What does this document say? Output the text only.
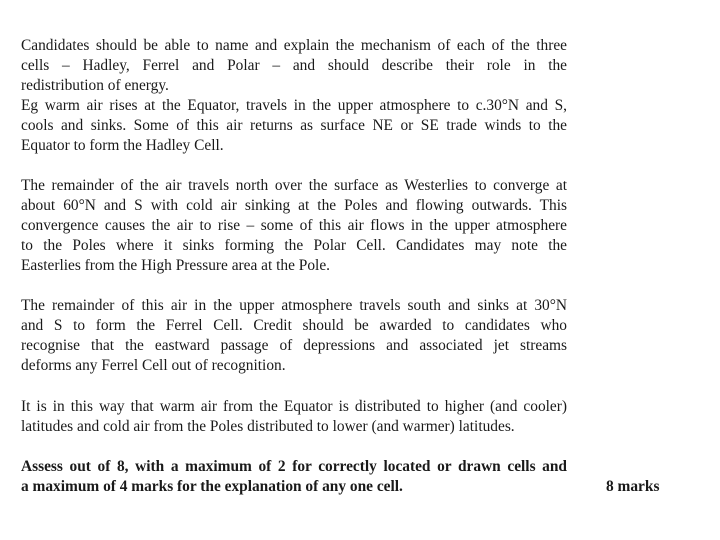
Candidates should be able to name and explain the mechanism of each of the three
cells – Hadley, Ferrel and Polar – and should describe their role in the
redistribution of energy.
Eg warm air rises at the Equator, travels in the upper atmosphere to c.30°N and S,
cools and sinks. Some of this air returns as surface NE or SE trade winds to the
Equator to form the Hadley Cell.
The remainder of the air travels north over the surface as Westerlies to converge at
about 60°N and S with cold air sinking at the Poles and flowing outwards. This
convergence causes the air to rise – some of this air flows in the upper atmosphere
to the Poles where it sinks forming the Polar Cell. Candidates may note the
Easterlies from the High Pressure area at the Pole.
The remainder of this air in the upper atmosphere travels south and sinks at 30°N
and S to form the Ferrel Cell. Credit should be awarded to candidates who
recognise that the eastward passage of depressions and associated jet streams
deforms any Ferrel Cell out of recognition.
It is in this way that warm air from the Equator is distributed to higher (and cooler)
latitudes and cold air from the Poles distributed to lower (and warmer) latitudes.
Assess out of 8, with a maximum of 2 for correctly located or drawn cells and
a maximum of 4 marks for the explanation of any one cell.	8 marks
